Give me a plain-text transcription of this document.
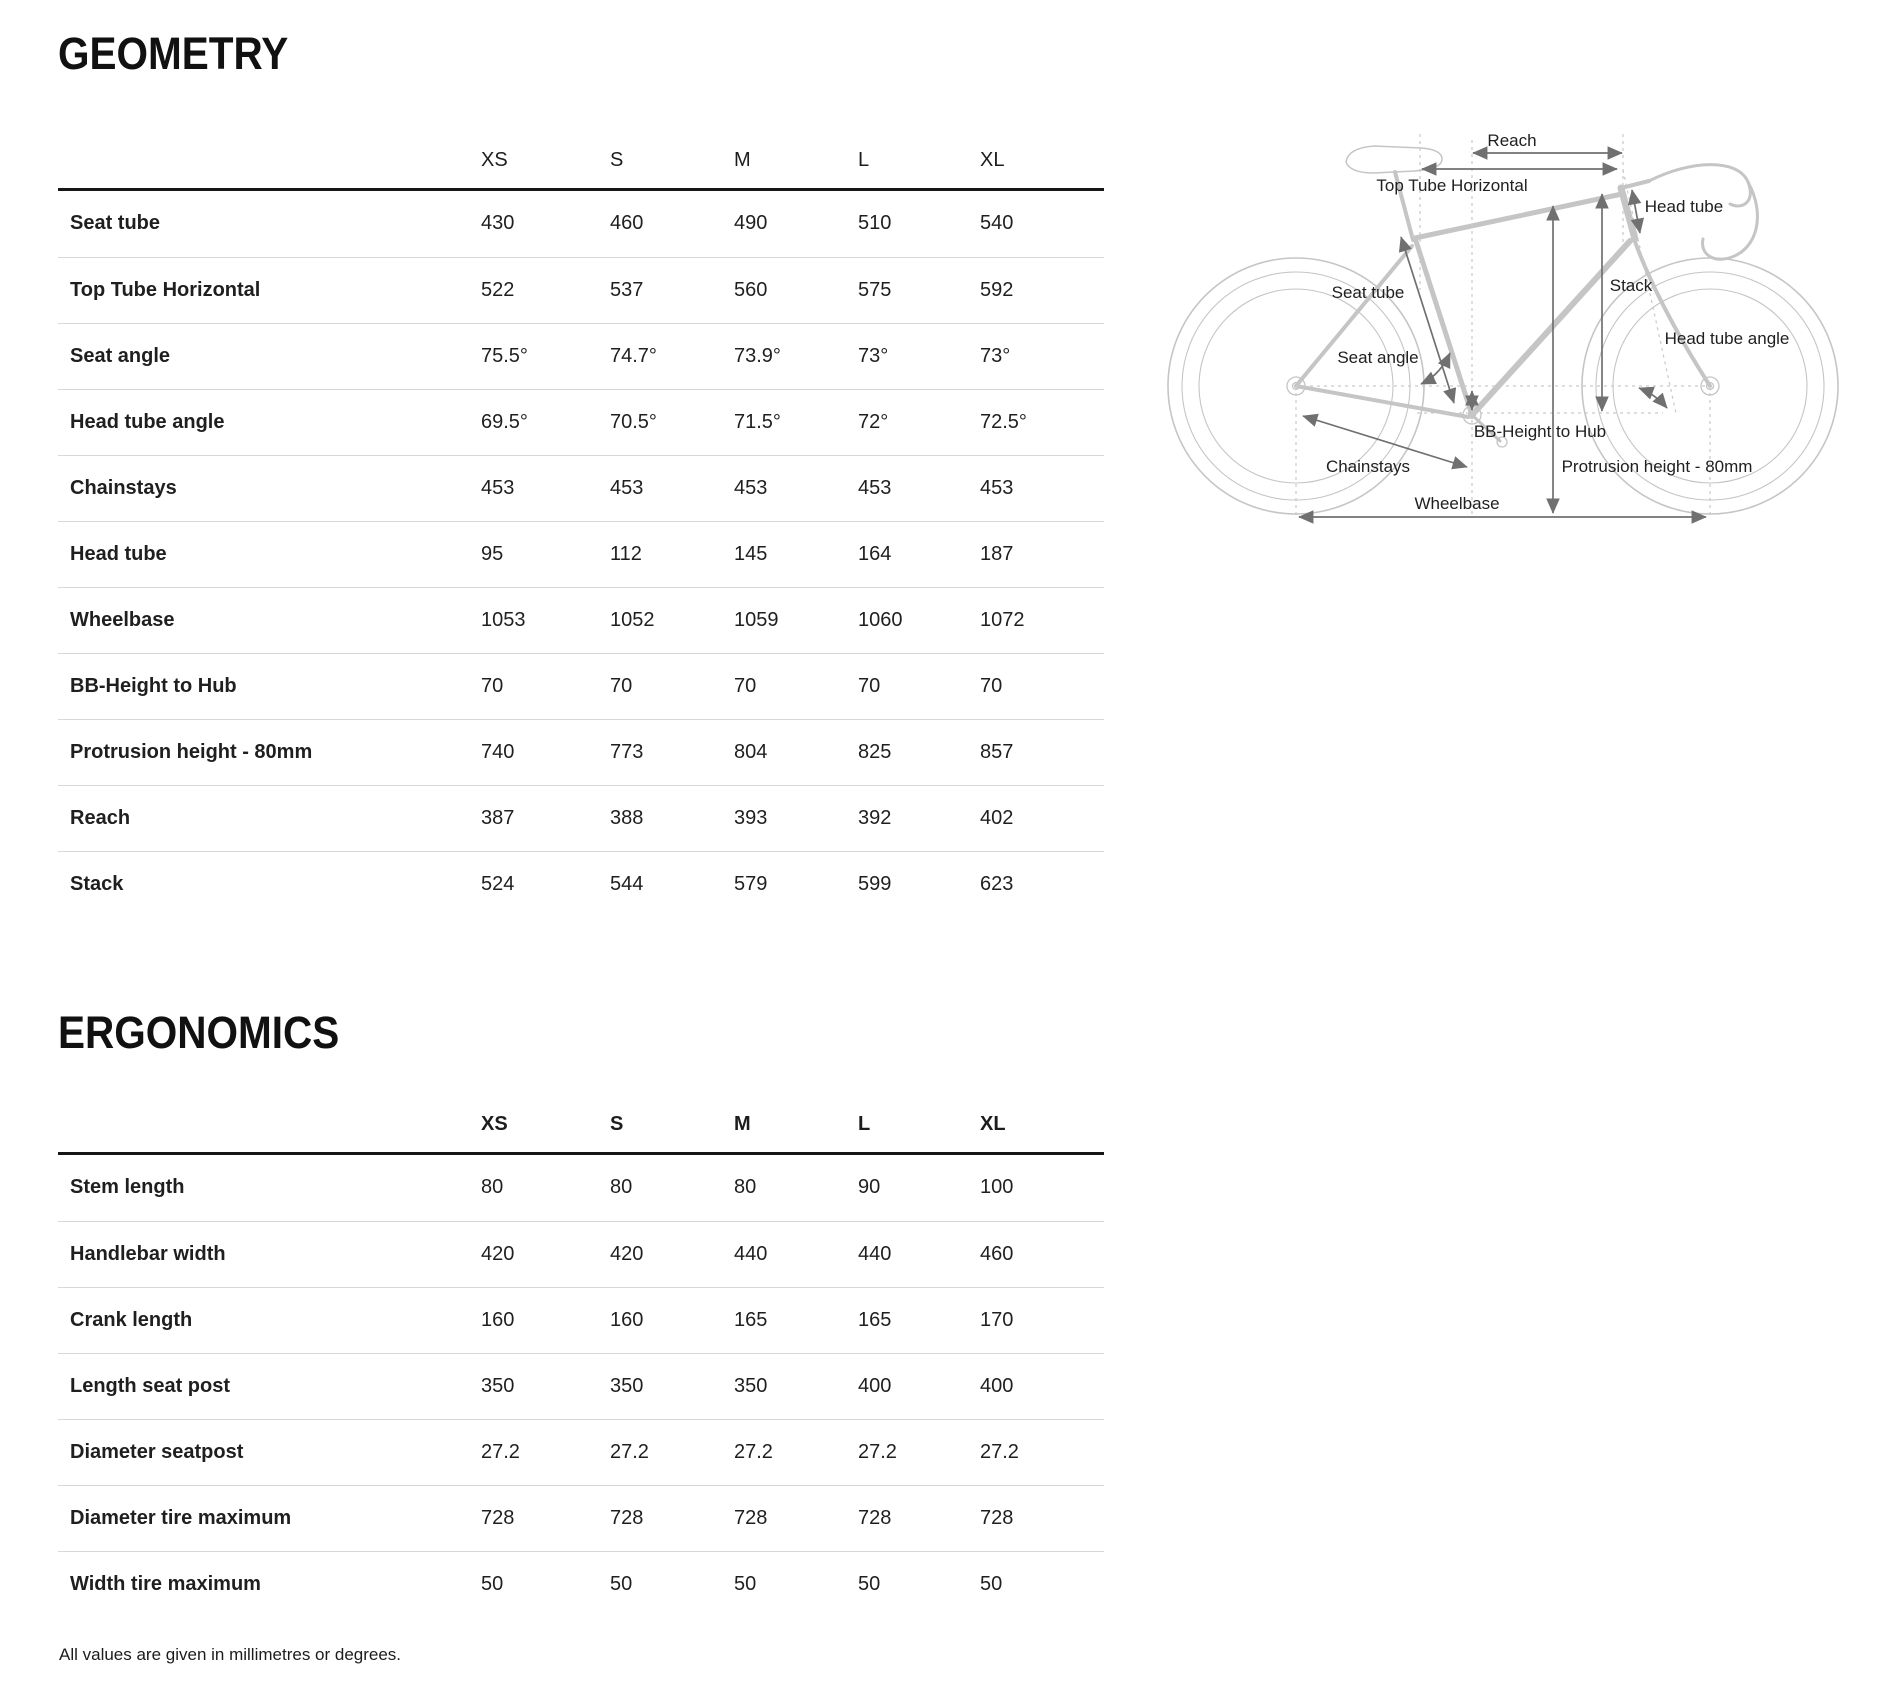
GEOMETRY
XS	S	M	L	XL
Seat tube	430	460	490	510	540
Top Tube Horizontal	522	537	560	575	592
Seat angle	75.5°	74.7°	73.9°	73°	73°
Head tube angle	69.5°	70.5°	71.5°	72°	72.5°
Chainstays	453	453	453	453	453
Head tube	95	112	145	164	187
Wheelbase	1053	1052	1059	1060	1072
BB-Height to Hub	70	70	70	70	70
Protrusion height - 80mm	740	773	804	825	857
Reach	387	388	393	392	402
Stack	524	544	579	599	623
ERGONOMICS
XS	S	M	L	XL
Stem length	80	80	80	90	100
Handlebar width	420	420	440	440	460
Crank length	160	160	165	165	170
Length seat post	350	350	350	400	400
Diameter seatpost	27.2	27.2	27.2	27.2	27.2
Diameter tire maximum	728	728	728	728	728
Width tire maximum	50	50	50	50	50

All values are given in millimetres or degrees.

Reach
Top Tube Horizontal
Head tube
Seat tube	Stack
Seat angle
Head tube angle
BB-Height to Hub
Chainstays	Protrusion height - 80mm
Wheelbase
